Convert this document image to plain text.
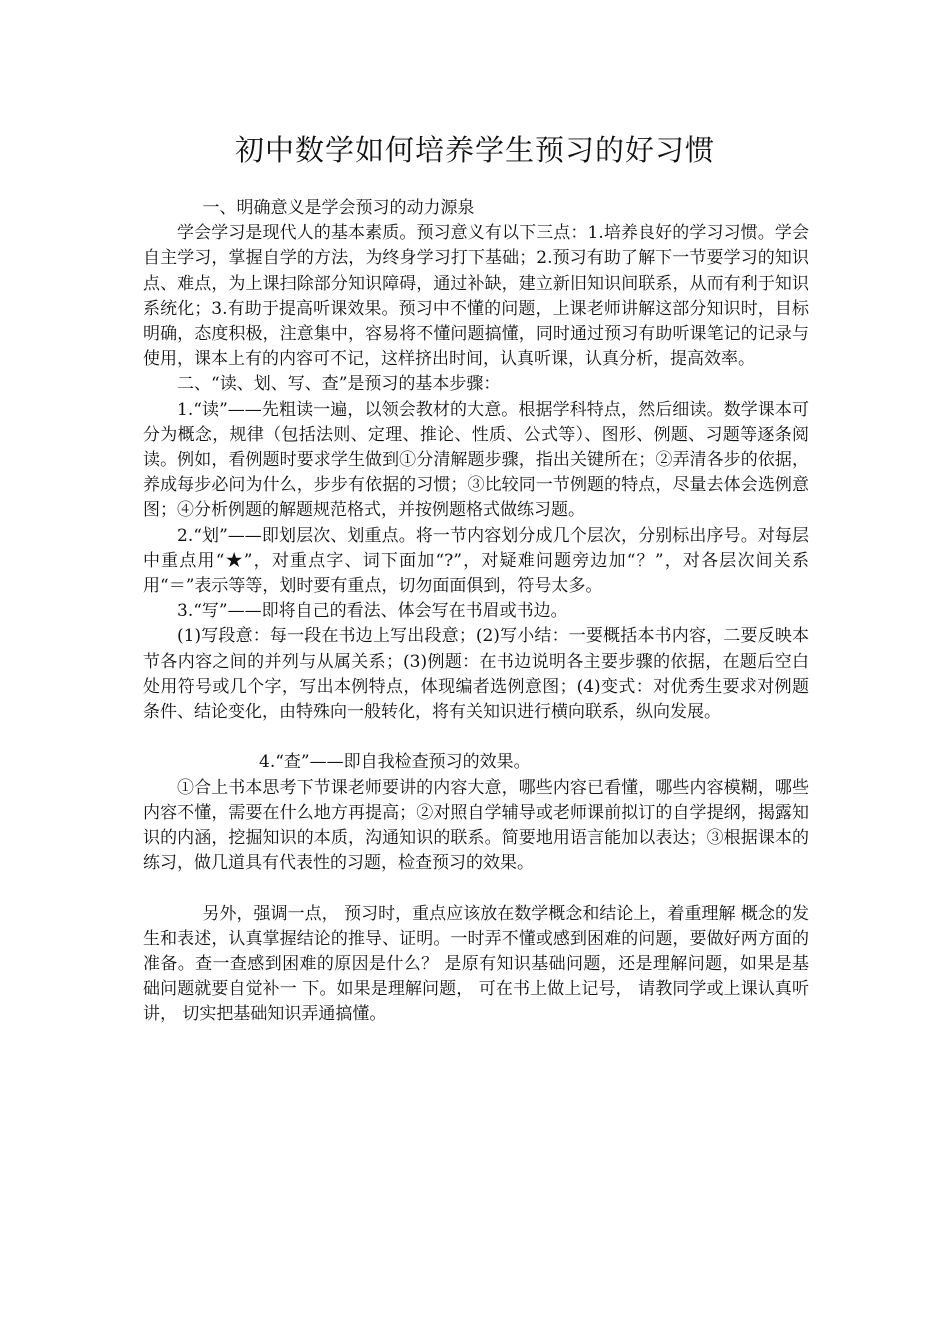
初中数学如何培养学生预习的好习惯

一、明确意义是学会预习的动力源泉

学会学习是现代人的基本素质。预习意义有以下三点：1.培养良好的学习习惯。学会自主学习，掌握自学的方法，为终身学习打下基础；2.预习有助了解下一节要学习的知识点、难点，为上课扫除部分知识障碍，通过补缺，建立新旧知识间联系，从而有利于知识系统化；3.有助于提高听课效果。预习中不懂的问题，上课老师讲解这部分知识时，目标明确，态度积极，注意集中，容易将不懂问题搞懂，同时通过预习有助听课笔记的记录与使用，课本上有的内容可不记，这样挤出时间，认真听课，认真分析，提高效率。

二、“读、划、写、查”是预习的基本步骤：

1.“读”——先粗读一遍，以领会教材的大意。根据学科特点，然后细读。数学课本可分为概念，规律（包括法则、定理、推论、性质、公式等）、图形、例题、习题等逐条阅读。例如，看例题时要求学生做到①分清解题步骤，指出关键所在；②弄清各步的依据，养成每步必问为什么，步步有依据的习惯；③比较同一节例题的特点，尽量去体会选例意图；④分析例题的解题规范格式，并按例题格式做练习题。

2.“划”——即划层次、划重点。将一节内容划分成几个层次，分别标出序号。对每层中重点用“★”，对重点字、词下面加“?”，对疑难问题旁边加“？”，对各层次间关系用“＝”表示等等，划时要有重点，切勿面面俱到，符号太多。

3.“写”——即将自己的看法、体会写在书眉或书边。

(1)写段意：每一段在书边上写出段意；(2)写小结：一要概括本书内容，二要反映本节各内容之间的并列与从属关系；(3)例题：在书边说明各主要步骤的依据，在题后空白处用符号或几个字，写出本例特点，体现编者选例意图；(4)变式：对优秀生要求对例题条件、结论变化，由特殊向一般转化，将有关知识进行横向联系，纵向发展。

4.“查”——即自我检查预习的效果。

①合上书本思考下节课老师要讲的内容大意，哪些内容已看懂，哪些内容模糊，哪些内容不懂，需要在什么地方再提高；②对照自学辅导或老师课前拟订的自学提纲，揭露知识的内涵，挖掘知识的本质，沟通知识的联系。简要地用语言能加以表达；③根据课本的练习，做几道具有代表性的习题，检查预习的效果。

另外，强调一点， 预习时，重点应该放在数学概念和结论上，着重理解 概念的发生和表述，认真掌握结论的推导、证明。一时弄不懂或感到困难的问题，要做好两方面的准备。查一查感到困难的原因是什么？ 是原有知识基础问题，还是理解问题，如果是基础问题就要自觉补一 下。如果是理解问题， 可在书上做上记号， 请教同学或上课认真听讲， 切实把基础知识弄通搞懂。
